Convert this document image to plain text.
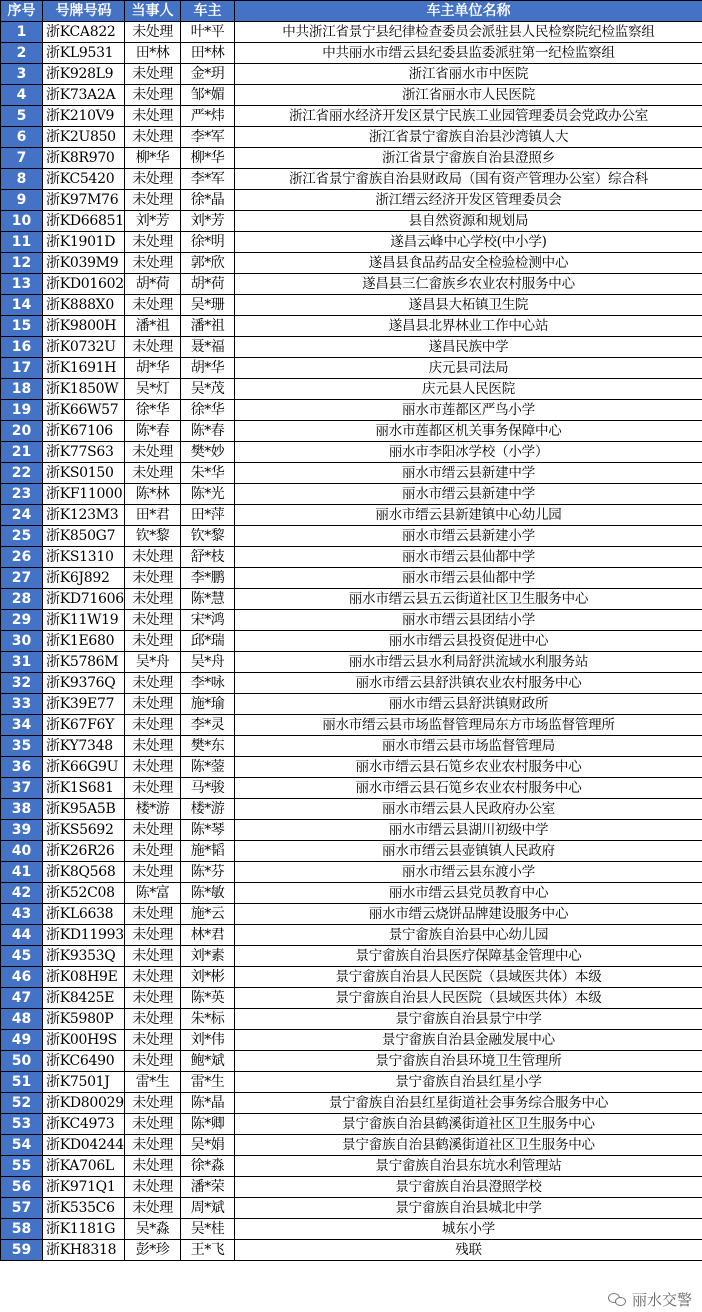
序号	号牌号码	当事人	车主	车主单位名称
1	浙KCA822	未处理	叶*平	中共浙江省景宁县纪律检查委员会派驻县人民检察院纪检监察组
2	浙KL9531	田*林	田*林	中共丽水市缙云县纪委县监委派驻第一纪检监察组
3	浙K928L9	未处理	金*玥	浙江省丽水市中医院
4	浙K73A2A	未处理	邹*媚	浙江省丽水市人民医院
5	浙K210V9	未处理	严*炜	浙江省丽水经济开发区景宁民族工业园管理委员会党政办公室
6	浙K2U850	未处理	李*军	浙江省景宁畲族自治县沙湾镇人大
7	浙K8R970	柳*华	柳*华	浙江省景宁畲族自治县澄照乡
8	浙KC5420	未处理	李*军	浙江省景宁畲族自治县财政局（国有资产管理办公室）综合科
9	浙K97M76	未处理	徐*晶	浙江缙云经济开发区管理委员会
10	浙KD66851	刘*芳	刘*芳	县自然资源和规划局
11	浙K1901D	未处理	徐*明	遂昌云峰中心学校(中小学)
12	浙K039M9	未处理	郭*欣	遂昌县食品药品安全检验检测中心
13	浙KD01602	胡*荷	胡*荷	遂昌县三仁畲族乡农业农村服务中心
14	浙K888X0	未处理	吴*珊	遂昌县大柘镇卫生院
15	浙K9800H	潘*祖	潘*祖	遂昌县北界林业工作中心站
16	浙K0732U	未处理	聂*福	遂昌民族中学
17	浙K1691H	胡*华	胡*华	庆元县司法局
18	浙K1850W	吴*灯	吴*茂	庆元县人民医院
19	浙K66W57	徐*华	徐*华	丽水市莲都区严鸟小学
20	浙K67106	陈*春	陈*春	丽水市莲都区机关事务保障中心
21	浙K77S63	未处理	樊*妙	丽水市李阳冰学校（小学）
22	浙KS0150	未处理	朱*华	丽水市缙云县新建中学
23	浙KF11000	陈*林	陈*光	丽水市缙云县新建中学
24	浙K123M3	田*君	田*萍	丽水市缙云县新建镇中心幼儿园
25	浙K850G7	钦*黎	钦*黎	丽水市缙云县新建小学
26	浙KS1310	未处理	舒*枝	丽水市缙云县仙都中学
27	浙K6J892	未处理	李*鹏	丽水市缙云县仙都中学
28	浙KD71606	未处理	陈*慧	丽水市缙云县五云街道社区卫生服务中心
29	浙K11W19	未处理	宋*鸿	丽水市缙云县团结小学
30	浙K1E680	未处理	邱*瑞	丽水市缙云县投资促进中心
31	浙K5786M	吴*舟	吴*舟	丽水市缙云县水利局舒洪流域水利服务站
32	浙K9376Q	未处理	李*咏	丽水市缙云县舒洪镇农业农村服务中心
33	浙K39E77	未处理	施*瑜	丽水市缙云县舒洪镇财政所
34	浙K67F6Y	未处理	李*灵	丽水市缙云县市场监督管理局东方市场监督管理所
35	浙KY7348	未处理	樊*东	丽水市缙云县市场监督管理局
36	浙K66G9U	未处理	陈*蓥	丽水市缙云县石笕乡农业农村服务中心
37	浙K1S681	未处理	马*骏	丽水市缙云县石笕乡农业农村服务中心
38	浙K95A5B	楼*游	楼*游	丽水市缙云县人民政府办公室
39	浙KS5692	未处理	陈*琴	丽水市缙云县湖川初级中学
40	浙K26R26	未处理	施*韬	丽水市缙云县壶镇镇人民政府
41	浙K8Q568	未处理	陈*芬	丽水市缙云县东渡小学
42	浙K52C08	陈*富	陈*敏	丽水市缙云县党员教育中心
43	浙KL6638	未处理	施*云	丽水市缙云烧饼品牌建设服务中心
44	浙KD11993	未处理	林*君	景宁畲族自治县中心幼儿园
45	浙K9353Q	未处理	刘*素	景宁畲族自治县医疗保障基金管理中心
46	浙K08H9E	未处理	刘*彬	景宁畲族自治县人民医院（县域医共体）本级
47	浙K8425E	未处理	陈*英	景宁畲族自治县人民医院（县域医共体）本级
48	浙K5980P	未处理	朱*标	景宁畲族自治县景宁中学
49	浙K00H9S	未处理	刘*伟	景宁畲族自治县金融发展中心
50	浙KC6490	未处理	鲍*斌	景宁畲族自治县环境卫生管理所
51	浙K7501J	雷*生	雷*生	景宁畲族自治县红星小学
52	浙KD80029	未处理	陈*晶	景宁畲族自治县红星街道社会事务综合服务中心
53	浙KC4973	未处理	陈*卿	景宁畲族自治县鹤溪街道社区卫生服务中心
54	浙KD04244	未处理	吴*娟	景宁畲族自治县鹤溪街道社区卫生服务中心
55	浙KA706L	未处理	徐*淼	景宁畲族自治县东坑水利管理站
56	浙K971Q1	未处理	潘*荣	景宁畲族自治县澄照学校
57	浙K535C6	未处理	周*斌	景宁畲族自治县城北中学
58	浙K1181G	吴*淼	吴*桂	城东小学
59	浙KH8318	彭*珍	王*飞	残联
丽水交警
